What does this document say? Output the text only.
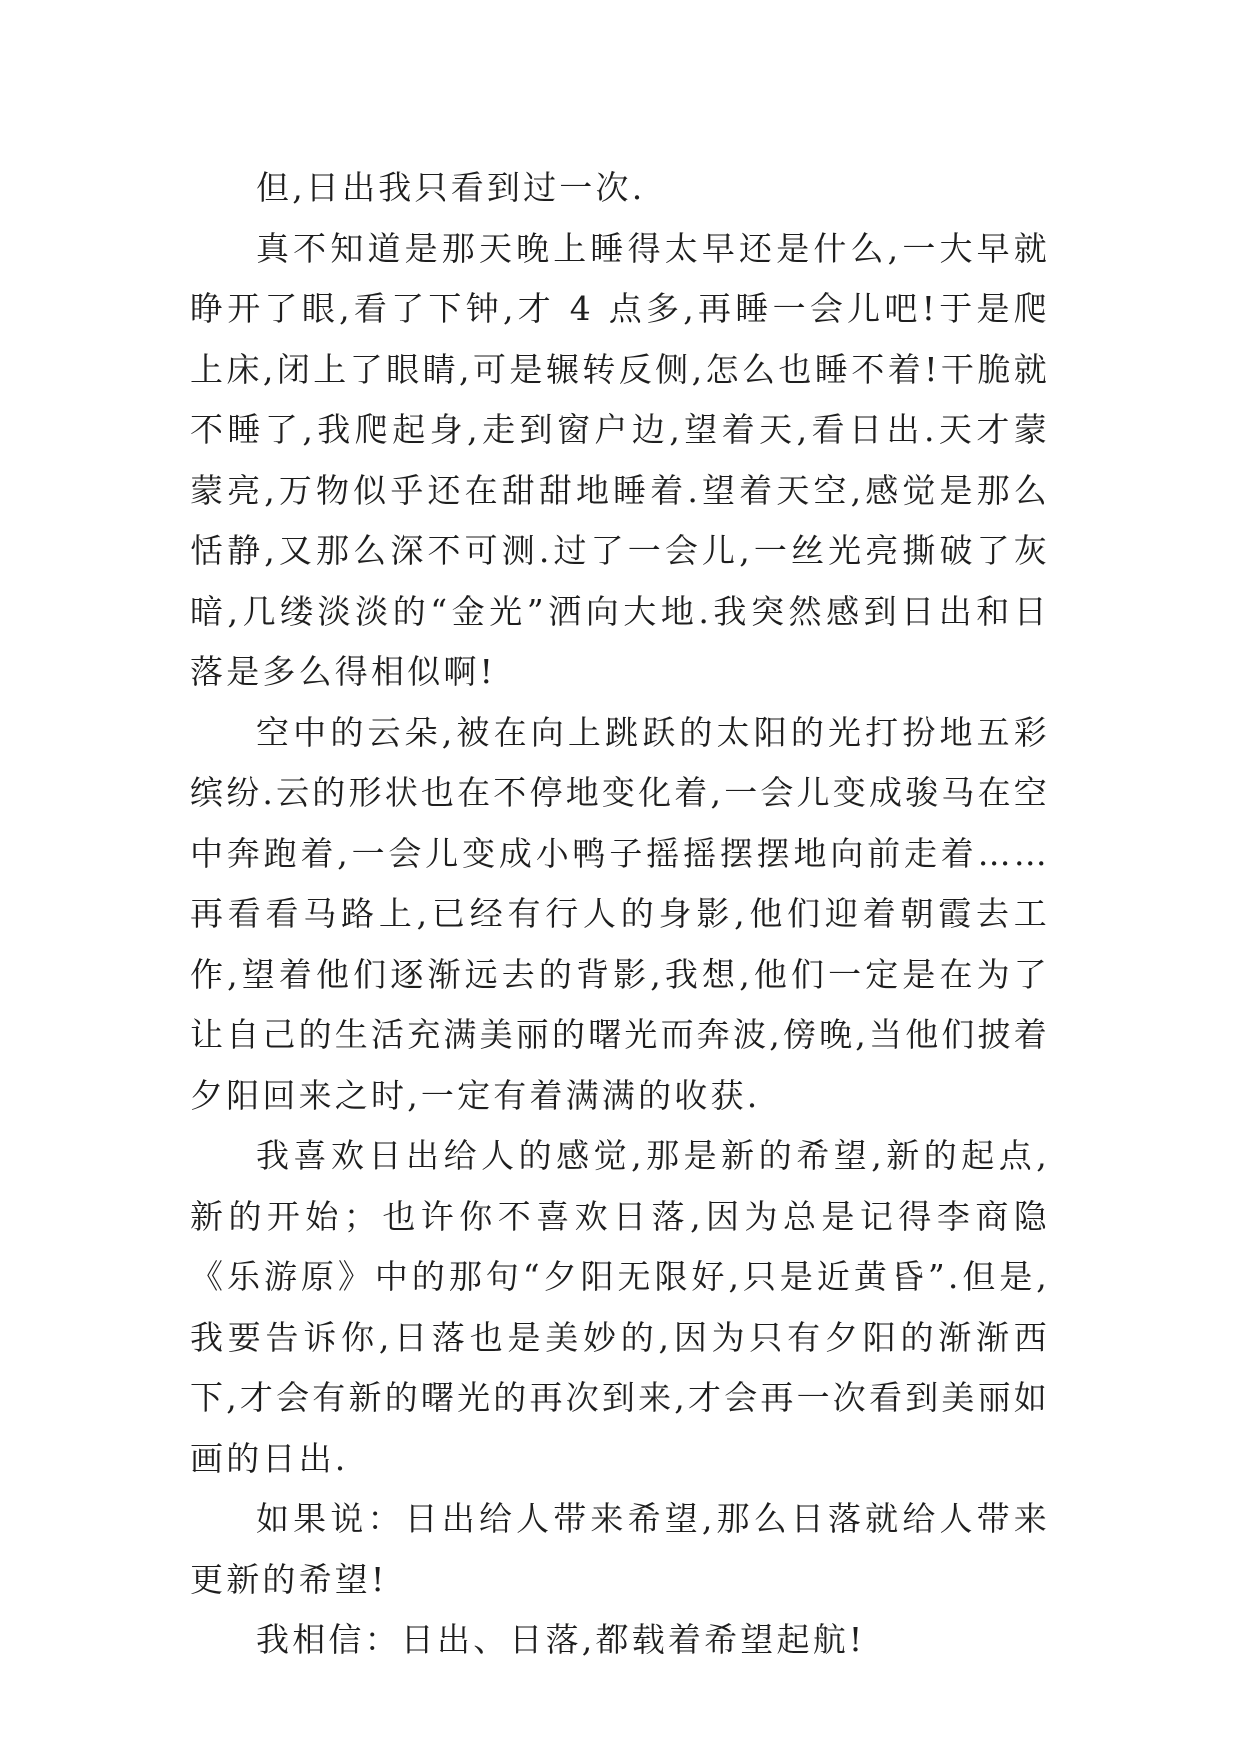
但,日出我只看到过一次.

真不知道是那天晚上睡得太早还是什么,一大早就睁开了眼,看了下钟,才 4 点多,再睡一会儿吧!于是爬上床,闭上了眼睛,可是辗转反侧,怎么也睡不着!干脆就不睡了,我爬起身,走到窗户边,望着天,看日出.天才蒙蒙亮,万物似乎还在甜甜地睡着.望着天空,感觉是那么恬静,又那么深不可测.过了一会儿,一丝光亮撕破了灰暗,几缕淡淡的“金光”洒向大地.我突然感到日出和日落是多么得相似啊!

空中的云朵,被在向上跳跃的太阳的光打扮地五彩缤纷.云的形状也在不停地变化着,一会儿变成骏马在空中奔跑着,一会儿变成小鸭子摇摇摆摆地向前走着……再看看马路上,已经有行人的身影,他们迎着朝霞去工作,望着他们逐渐远去的背影,我想,他们一定是在为了让自己的生活充满美丽的曙光而奔波,傍晚,当他们披着夕阳回来之时,一定有着满满的收获.

我喜欢日出给人的感觉,那是新的希望,新的起点,新的开始；也许你不喜欢日落,因为总是记得李商隐《乐游原》中的那句“夕阳无限好,只是近黄昏”.但是,我要告诉你,日落也是美妙的,因为只有夕阳的渐渐西下,才会有新的曙光的再次到来,才会再一次看到美丽如画的日出.

如果说：日出给人带来希望,那么日落就给人带来更新的希望!

我相信：日出、日落,都载着希望起航!
